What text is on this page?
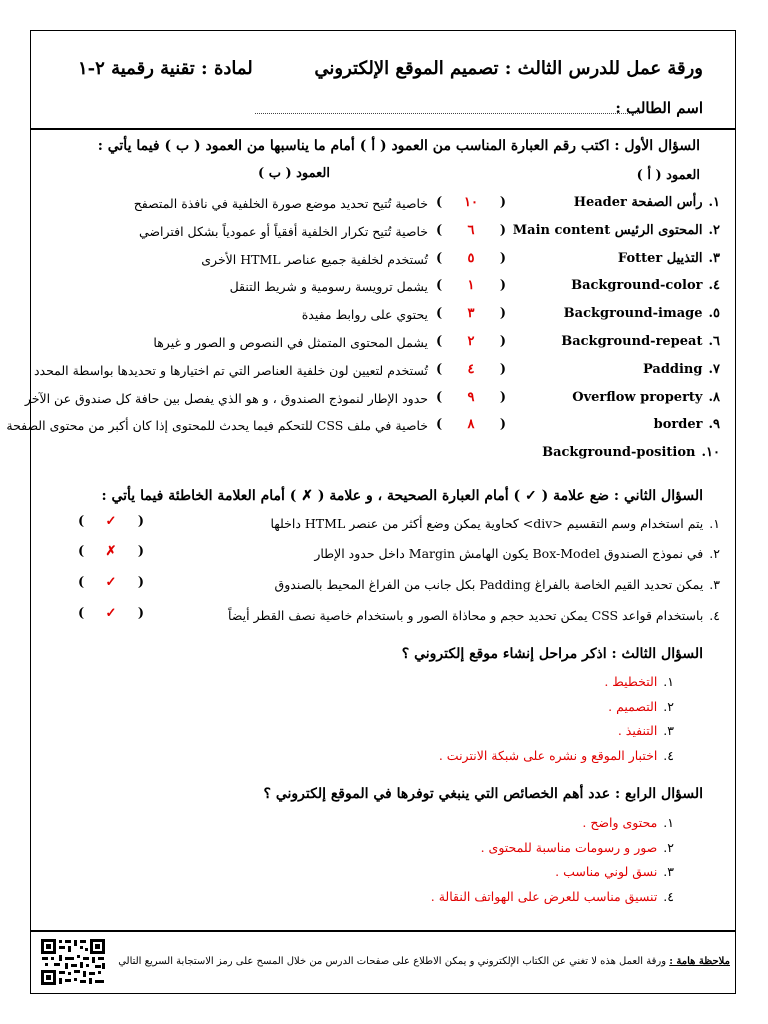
ورقة عمل للدرس الثالث : تصميم الموقع الإلكتروني
لمادة : تقنية رقمية ٢-١
اسم الطالب :
السؤال الأول : اكتب رقم العبارة المناسب من العمود ( أ ) أمام ما يناسبها من العمود ( ب ) فيما يأتي :
العمود ( أ )
العمود ( ب )
١.رأس الصفحة Header
٢.المحتوى الرئيس Main content
٣.التذييل Fotter
٤.Background-color
٥.Background-image
٦.Background-repeat
٧.Padding
٨.Overflow property
٩.border
١٠.Background-position
(
١٠
)
خاصية تُتيح تحديد موضع صورة الخلفية في نافذة المتصفح
(
٦
)
خاصية تُتيح تكرار الخلفية أفقياً أو عمودياً بشكل افتراضي
(
٥
)
تُستخدم لخلفية جميع عناصر HTML الأخرى
(
١
)
يشمل ترويسة رسومية و شريط التنقل
(
٣
)
يحتوي على روابط مفيدة
(
٢
)
يشمل المحتوى المتمثل في النصوص و الصور و غيرها
(
٤
)
تُستخدم لتعيين لون خلفية العناصر التي تم اختيارها و تحديدها بواسطة المحدد
(
٩
)
حدود الإطار لنموذج الصندوق ، و هو الذي يفصل بين حافة كل صندوق عن الآخر
(
٨
)
خاصية في ملف CSS للتحكم فيما يحدث للمحتوى إذا كان أكبر من محتوى الصفحة
السؤال الثاني : ضع علامة ( ✓ ) أمام العبارة الصحيحة ، و علامة ( ✗ ) أمام العلامة الخاطئة فيما يأتي :
١.يتم استخدام وسم التقسيم <div> كحاوية يمكن وضع أكثر من عنصر HTML داخلها
(
✓
)
٢.في نموذج الصندوق Box-Model يكون الهامش Margin داخل حدود الإطار
(
✗
)
٣.يمكن تحديد القيم الخاصة بالفراغ Padding بكل جانب من الفراغ المحيط بالصندوق
(
✓
)
٤.باستخدام قواعد CSS يمكن تحديد حجم و محاذاة الصور و باستخدام خاصية نصف القطر أيضاً
(
✓
)
السؤال الثالث : اذكر مراحل إنشاء موقع إلكتروني ؟
١.التخطيط .
٢.التصميم .
٣.التنفيذ .
٤.اختبار الموقع و نشره على شبكة الانترنت .
السؤال الرابع : عدد أهم الخصائص التي ينبغي توفرها في الموقع إلكتروني ؟
١.محتوى واضح .
٢.صور و رسومات مناسبة للمحتوى .
٣.نسق لوني مناسب .
٤.تنسيق مناسب للعرض على الهواتف النقالة .
ملاحظة هامة : ورقة العمل هذه لا تغني عن الكتاب الإلكتروني و يمكن الاطلاع على صفحات الدرس من خلال المسح على رمز الاستجابة السريع التالي
